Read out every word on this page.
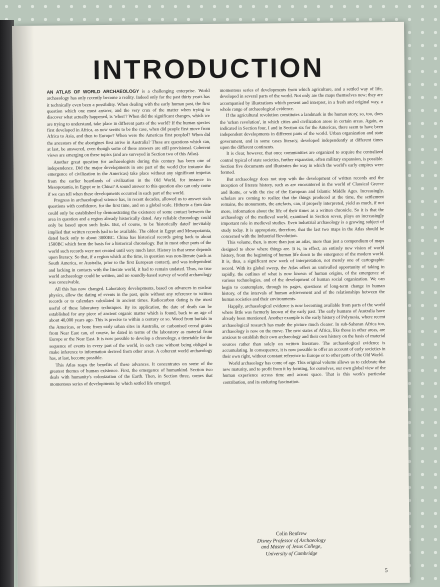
INTRODUCTION

AN ATLAS OF WORLD ARCHAEOLOGY is a challenging enterprise. World archaeology has only recently become a reality. Indeed only for the past thirty years has it technically even been a possibility. When dealing with the early human past, the first question which one must answer, and the very crux of the matter when trying to discover what actually happened, is 'when'? When did the significant changes, which we are trying to understand, take place in different parts of the world? If the human species first developed in Africa, as now seems to be the case, when did people first move from Africa to Asia, and then to Europe? When were the Americas first peopled? When did the ancestors of the aborigines first arrive in Australia? These are questions which can, at last, be answered, even though some of these answers are still provisional. Coherent views are emerging on these topics (and are surveyed in Section two of this Atlas).

Another great question for archaeologists during this century has been one of independence. Did the major developments in one part of the world (for instance the emergence of civilization in the Americas) take place without any significant impetus from the earlier heartlands of civilization in the Old World, for instance in Mesopotamia, in Egypt or in China? A sound answer to this question also can only come if we can tell when these developments occurred in each part of the world.

Progress in archaeological science has, in recent decades, allowed us to answer such questions with confidence, for the first time, and on a global scale. Hitherto a firm date could only be established by demonstrating the existence of some contact between the area in question and a region already historically dated. Any reliable chronology could only be based upon such links. But, of course, to be 'historically dated' inevitably implied that written records had to be available. The oldest in Egypt and Mesopotamia, dated back only to about 3000BC. China has historical records going back to about 1500BC which form the basis for a historical chronology. But in most other parts of the world such records were not created until very much later. History in that sense depends upon literacy. So that, if a region which at the time, in question was non-literate (such as South America, or Australia, prior to the first European contact), and was independent and lacking in contacts with the literate world, it had to remain undated. Thus, no true world archaeology could be written, and no soundly-based survey of world archaeology was conceivable.

All this has now changed. Laboratory developments, based on advances in nuclear physics, allow the dating of events in the past, quite without any reference to written records or to calendars calculated in ancient times. Radiocarbon dating is the most useful of these laboratory techniques. By its application, the date of death can be established for any piece of ancient organic matter which is found, back to an age of about 40,000 years ago. This is precise to within a century or so. Wood from burials in the Americas, or bone from early urban sites in Australia, or carbonised cereal grains from Near East can, of course, be dated in terms of the laboratory as material from Europe or the Near East. It is now possible to develop a chronology, a timetable for the sequence of events in every part of the world, in each case without being obliged to make inference to information derived from other areas. A coherent world archaeology has, at last, become possible.

This Atlas reaps the benefits of these advances. It concentrates on some of the greatest themes of human existence. First, the emergence of humankind. Section two deals with humanity's colonization of the Earth. Then, in Section three, comes that momentous series of developments by which settled life emerged.

momentous series of developments from which agriculture, and a settled way of life, developed in several parts of the world. Not only are the maps themselves new; they are accompanied by illustrations which present and interpret, in a fresh and original way, a whole range of archaeological evidence.

If the agricultural revolution constitutes a landmark in the human story, so, too, does the 'urban revolution', in which cities and civilization arose in certain areas. Again, as indicated in Section four, I and in Section six for the Americas, there seem to have been independent developments in different parts of the world. Urban organization and state government, and in some cases literacy, developed independently at different times upon the different continents.

It is clear, however, that once communities are organized to acquire the centralized control typical of state societies, further expansion, often military expansion, is possible. Section five documents and illustrates the way in which the world's early empires were formed.

But archaeology does not stop with the development of written records and the inception of literate history, such as are encountered in the world of Classical Greece and Rome, or with the rise of the European and Islamic Middle Ages. Increasingly, scholars are coming to realize that the things produced at the time, the settlement remains, the monuments, the artefacts, can, if properly interpreted, yield as much, if not more, information about the life of their times as a written chronicle. So it is that the archaeology of the medieval world, examined in Section seven, plays an increasingly important role in medieval studies. Even industrial archaeology is a growing subject of study today. It is appropriate, therefore, that the last two maps in the Atlas should be concerned with the Industrial Revolution.

This volume, then, is more than just an atlas, more than just a compendium of maps designed to show where things are. It is, in effect, an entirely new vision of world history, from the beginning of human life down to the emergence of the modern world. It is, thus, a significant new work of interpretation, not merely one of cartographic record. With its global sweep, the Atlas offers an unrivalled opportunity of taking in rapidly, the outlines of what is now known of human origins, of the emergence of various technologies, and of the development of human social organization. We can begin to contemplate, through its pages, questions of long-term change in human history, of the intervals of human achievement and of the relationships between the human societies and their environments.

Happily, archaeological evidence is now becoming available from parts of the world where little was formerly known of the early past. The early humans of Australia have already been mentioned. Another example is the early history of Polynesia, where recent archaeological research has made the picture much clearer. In sub-Saharan Africa too, archaeology is now on the move. The new states of Africa, like those in other areas, are anxious to establish their own archaeology and their own history on the basis of material sources rather than solely on written literature. The archaeological evidence is accumulating. In consequence, it is now possible to offer an account of early societies in their own right, without constant reference to Europe or to other parts of the Old World.

World archaeology has come of age. This original volume allows us to celebrate that new maturity, and to profit from it by forming, for ourselves, our own global view of the human experience across time and across space. That is this work's particular contribution, and its enduring fascination.

Colin Renfrew
Disney Professor of Archaeology
and Master of Jesus College,
University of Cambridge
5
